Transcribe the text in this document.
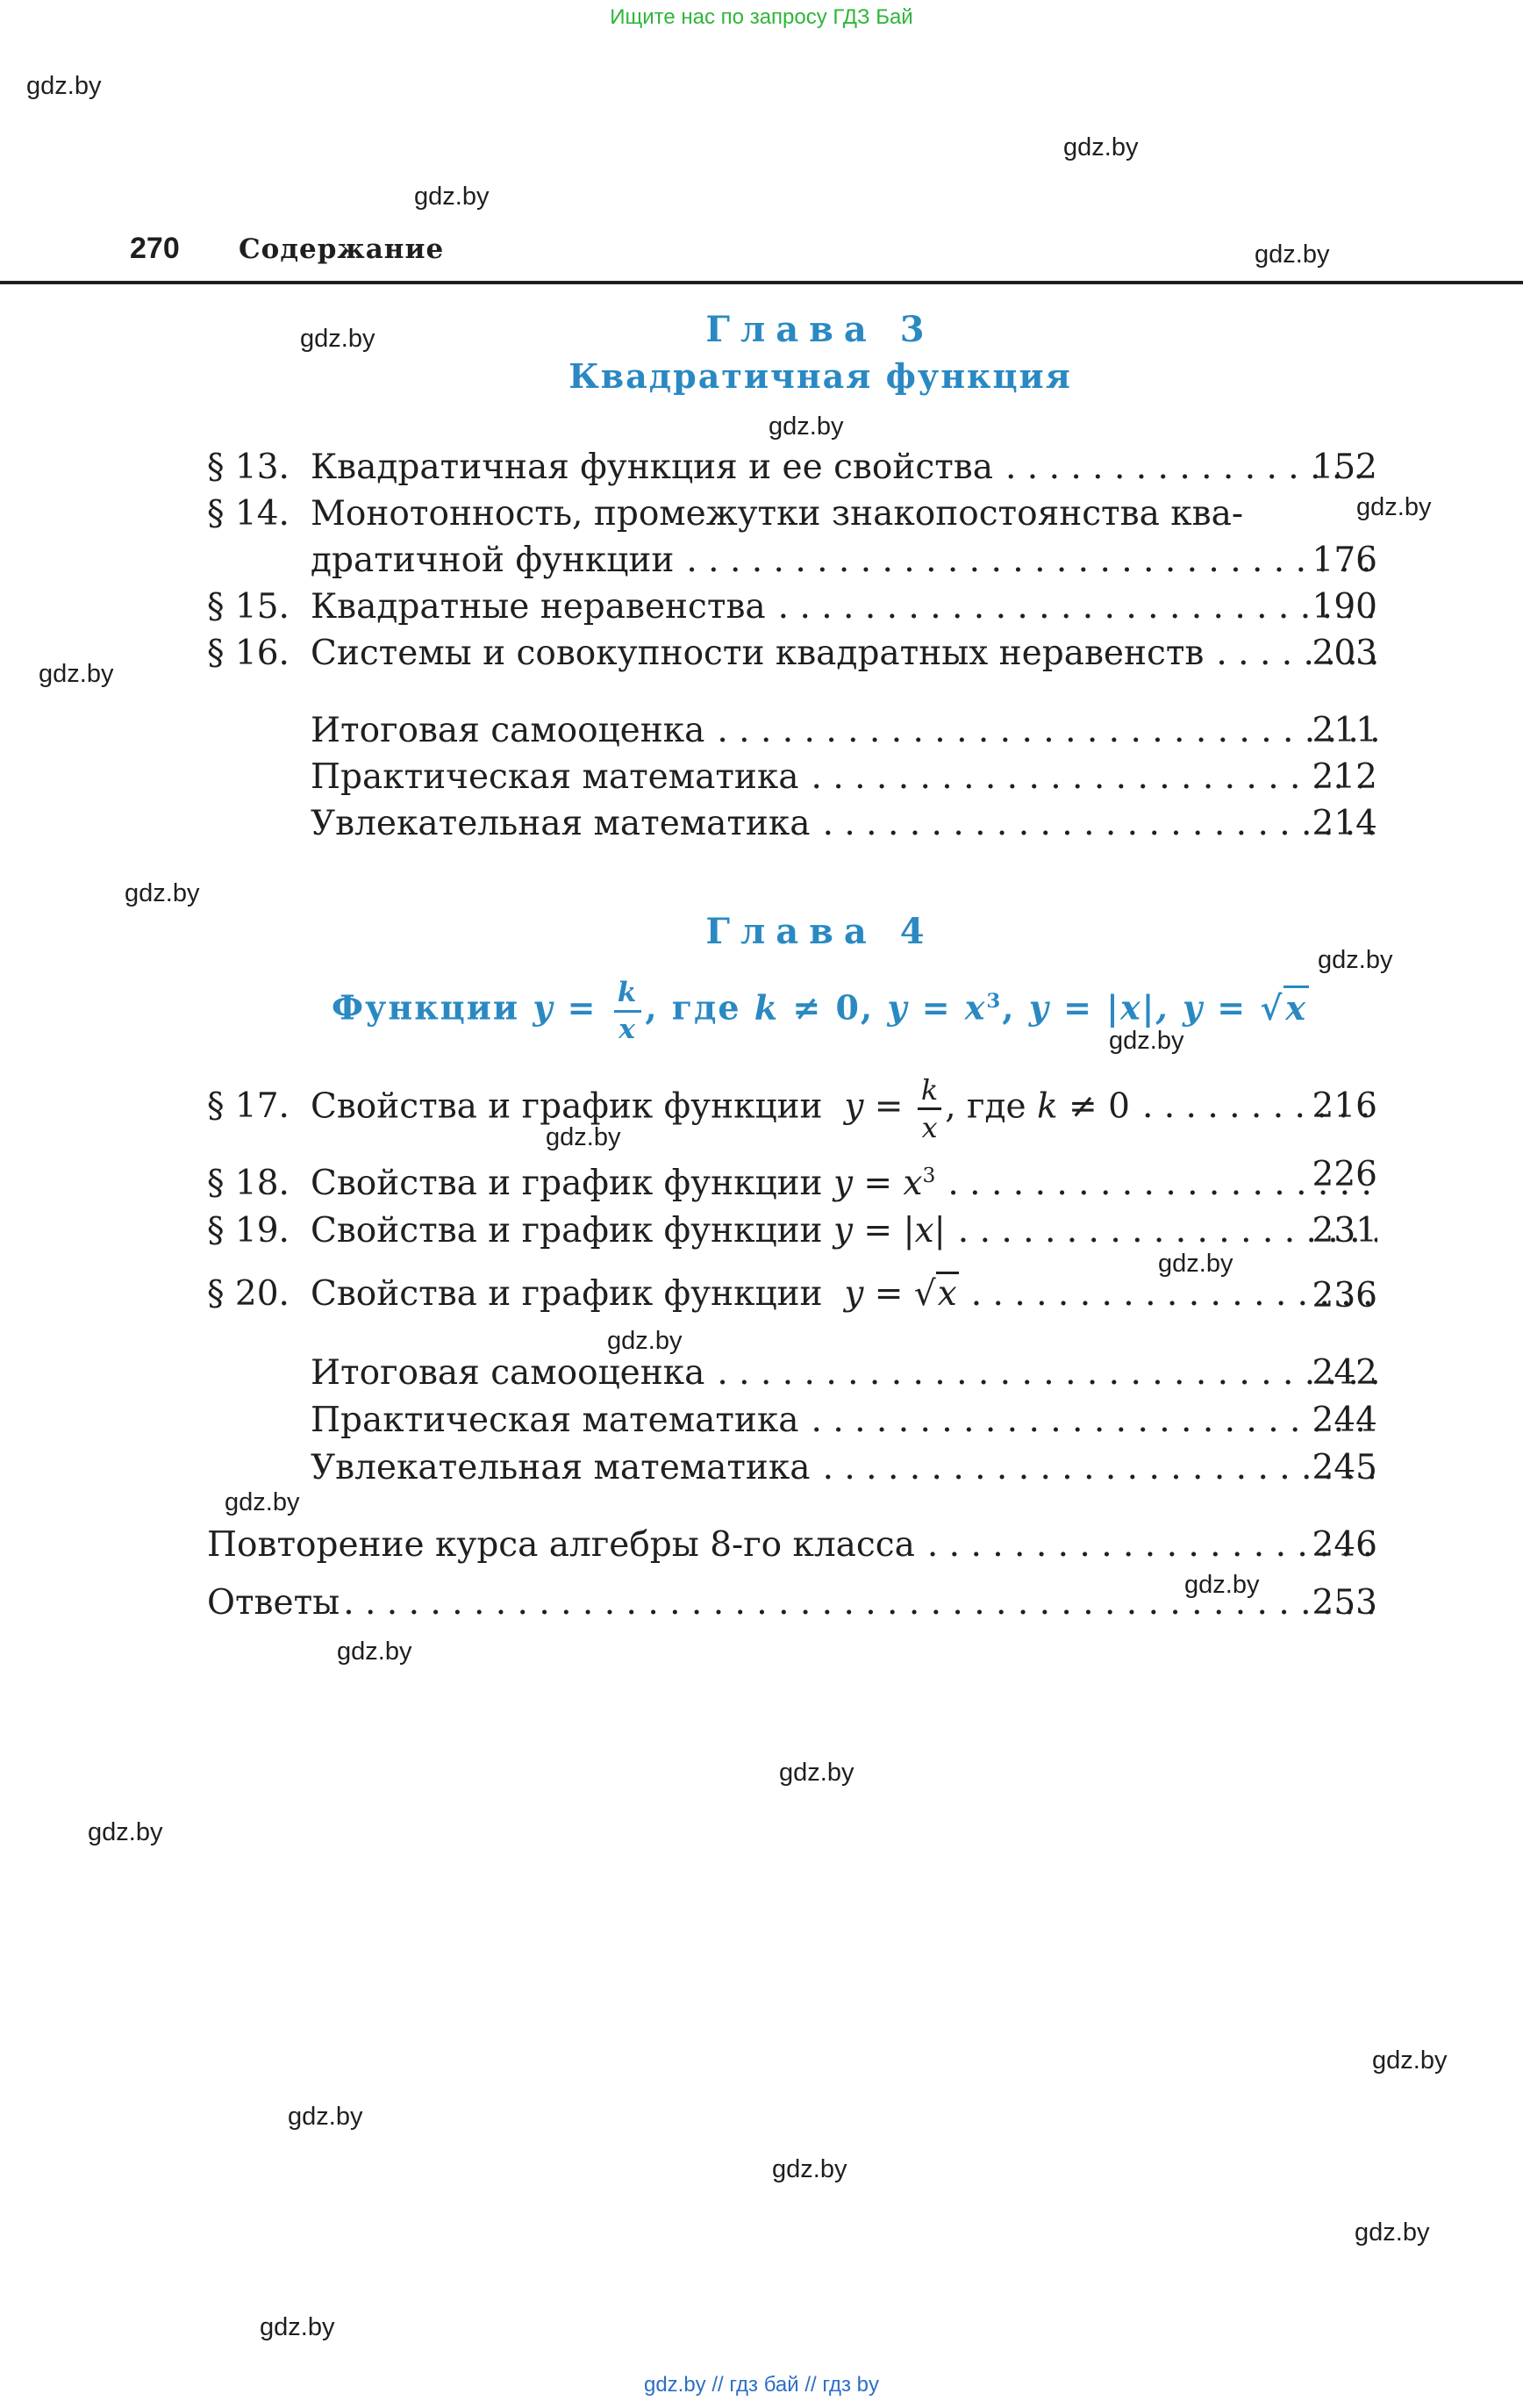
Ищите нас по запросу ГДЗ Бай
gdz.by // гдз бай // гдз by
gdz.by
gdz.by
gdz.by
gdz.by
gdz.by
gdz.by
gdz.by
gdz.by
gdz.by
gdz.by
gdz.by
gdz.by
gdz.by
gdz.by
gdz.by
gdz.by
gdz.by
gdz.by
gdz.by
gdz.by
gdz.by
gdz.by
gdz.by
gdz.by
270 Содержание
Глава 3
Квадратичная функция
§ 13. Квадратичная функция и ее свойства . . .	152
§ 14. Монотонность, промежутки знакопостоянства ква-
дратичной функции . . .	176
§ 15. Квадратные неравенства . . .	190
§ 16. Системы и совокупности квадратных неравенств . . .	203
Итоговая самооценка . . .	211
Практическая математика . . .	212
Увлекательная математика . . .	214
Глава 4
Функции $y = \frac{k}{x}$ , где k ≠ 0, $y = x^3$, y = |x|, y = √x
§ 17. Свойства и график функции $y = \frac{k}{x}$ , где k ≠ 0 . . .	216
§ 18. Свойства и график функции $y = x^3$ . . .	226
§ 19. Свойства и график функции y = |x| . . .	231
§ 20. Свойства и график функции y = √x . . .	236
Итоговая самооценка . . .	242
Практическая математика . . .	244
Увлекательная математика . . .	245
Повторение курса алгебры 8-го класса . . .	246
Ответы . . .	253
